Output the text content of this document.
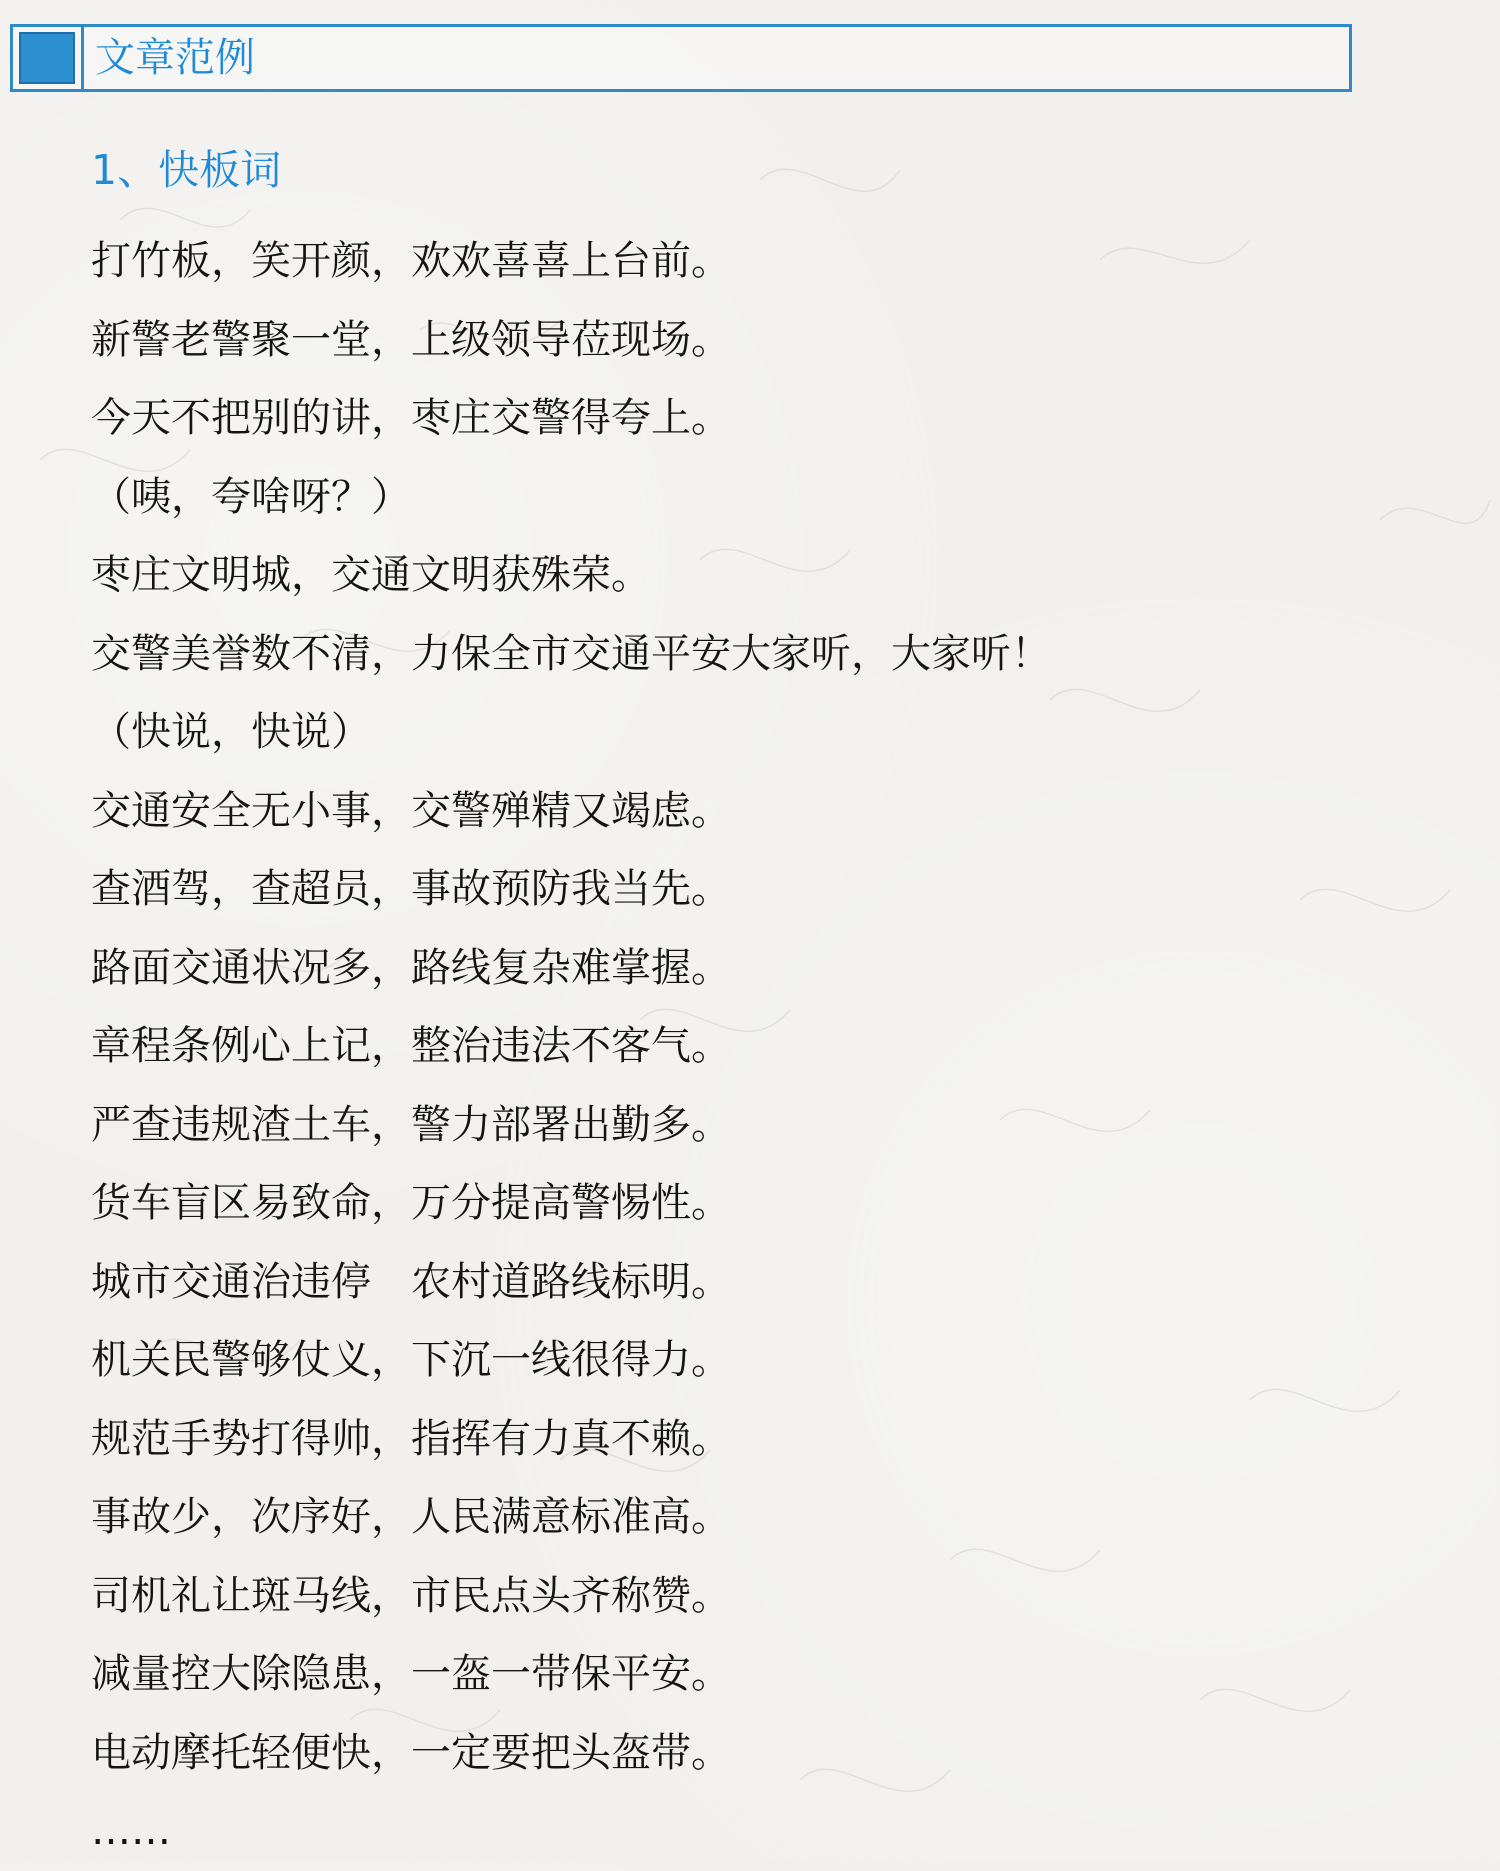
文章范例
1、快板词
打竹板，笑开颜，欢欢喜喜上台前。
新警老警聚一堂，上级领导莅现场。
今天不把别的讲，枣庄交警得夸上。
（咦，夸啥呀？）
枣庄文明城，交通文明获殊荣。
交警美誉数不清，力保全市交通平安大家听，大家听！
（快说，快说）
交通安全无小事，交警殚精又竭虑。
查酒驾，查超员，事故预防我当先。
路面交通状况多，路线复杂难掌握。
章程条例心上记，整治违法不客气。
严查违规渣土车，警力部署出勤多。
货车盲区易致命，万分提高警惕性。
城市交通治违停　农村道路线标明。
机关民警够仗义，下沉一线很得力。
规范手势打得帅，指挥有力真不赖。
事故少，次序好，人民满意标准高。
司机礼让斑马线，市民点头齐称赞。
减量控大除隐患，一盔一带保平安。
电动摩托轻便快，一定要把头盔带。
……
